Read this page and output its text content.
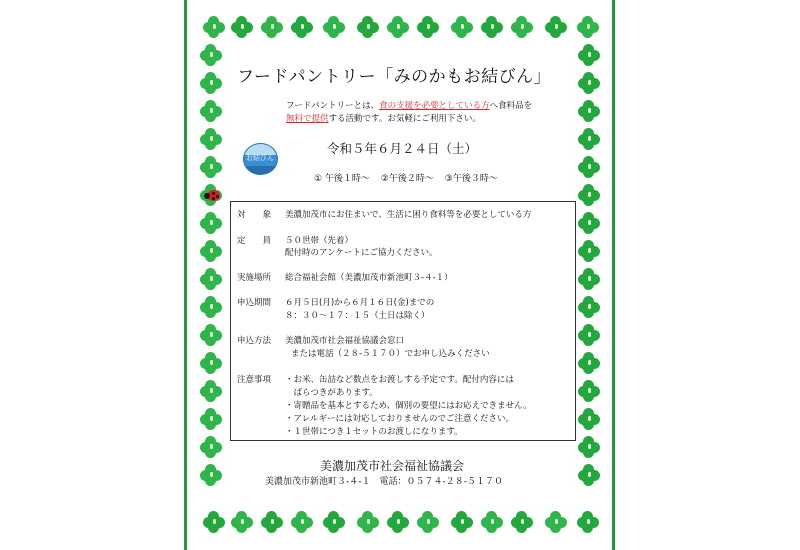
フードパントリー「みのかもお結びん」
フードパントリーとは、食の支援を必要としている方へ食料品を
無料で提供する活動です。お気軽にご利用下さい。
お結びん
令和５年６月２４日（土）
① 午後１時～ ②午後２時～ ③午後３時～
対　　象 美濃加茂市にお住まいで、生活に困り食料等を必要としている方
定　　員 ５０世帯（先着）
配付時のアンケートにご協力ください。
実施場所 総合福祉会館（美濃加茂市新池町３-４-１）
申込期間 ６月５日(月)から６月１６日(金)までの
８：３０～１７：１５（土日は除く）
申込方法 美濃加茂市社会福祉協議会窓口
または電話（２８-５１７０）でお申し込みください
注意事項 ・お米、缶詰など数点をお渡しする予定です。配付内容には
　ばらつきがあります。
・寄贈品を基本とするため、個別の要望にはお応えできません。
・アレルギーには対応しておりませんのでご注意ください。
・１世帯につき１セットのお渡しになります。
美濃加茂市社会福祉協議会
美濃加茂市新池町３-４-１　電話：０５７４-２８-５１７０
